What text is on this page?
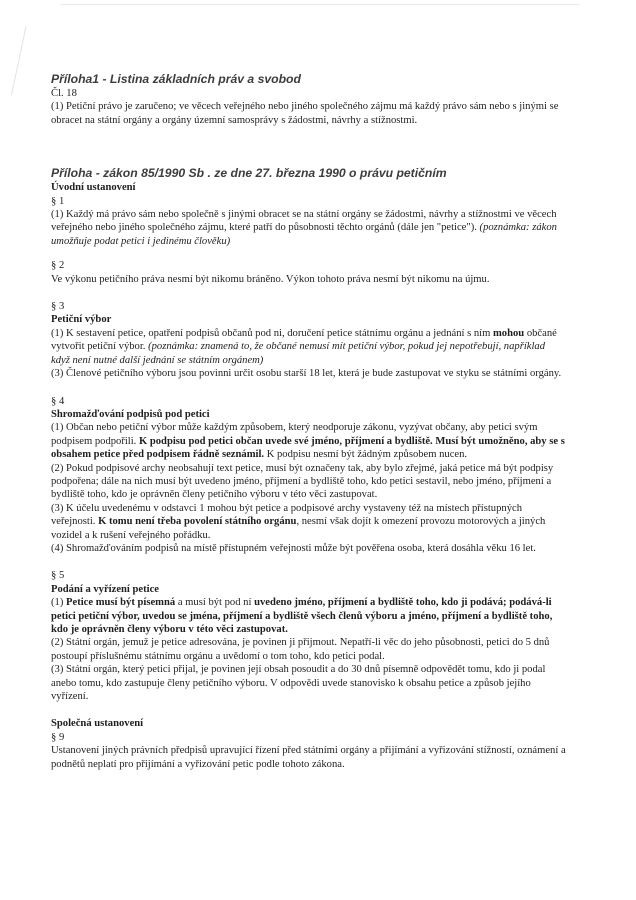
Příloha1 - Listina základních práv a svobod

Čl. 18

(1) Petiční právo je zaručeno; ve věcech veřejného nebo jiného společného zájmu má každý právo sám nebo s jinými se obracet na státní orgány a orgány územní samosprávy s žádostmi, návrhy a stížnostmi.

Příloha - zákon 85/1990 Sb . ze dne 27. března 1990 o právu petičním

Úvodní ustanovení

§ 1

(1) Každý má právo sám nebo společně s jinými obracet se na státní orgány se žádostmi, návrhy a stížnostmi ve věcech veřejného nebo jiného společného zájmu, které patří do působnosti těchto orgánů (dále jen "petice"). (poznámka: zákon umožňuje podat petici i jedinému člověku)

§ 2

Ve výkonu petičního práva nesmí být nikomu bráněno. Výkon tohoto práva nesmí být nikomu na újmu.

§ 3

Petiční výbor

(1) K sestavení petice, opatření podpisů občanů pod ni, doručení petice státnímu orgánu a jednání s ním mohou občané vytvořit petiční výbor. (poznámka: znamená to, že občané nemusí mít petiční výbor, pokud jej nepotřebují, například když není nutné další jednání se státním orgánem)

(3) Členové petičního výboru jsou povinni určit osobu starší 18 let, která je bude zastupovat ve styku se státními orgány.

§ 4

Shromažďování podpisů pod petici

(1) Občan nebo petiční výbor může každým způsobem, který neodporuje zákonu, vyzývat občany, aby petici svým podpisem podpořili. K podpisu pod petici občan uvede své jméno, příjmení a bydliště. Musí být umožněno, aby se s obsahem petice před podpisem řádně seznámil. K podpisu nesmí být žádným způsobem nucen.

(2) Pokud podpisové archy neobsahují text petice, musí být označeny tak, aby bylo zřejmé, jaká petice má být podpisy podpořena; dále na nich musí být uvedeno jméno, příjmení a bydliště toho, kdo petici sestavil, nebo jméno, příjmení a bydliště toho, kdo je oprávněn členy petičního výboru v této věci zastupovat.

(3) K účelu uvedenému v odstavci 1 mohou být petice a podpisové archy vystaveny též na místech přístupných veřejnosti. K tomu není třeba povolení státního orgánu, nesmí však dojít k omezení provozu motorových a jiných vozidel a k rušení veřejného pořádku.

(4) Shromažďováním podpisů na místě přístupném veřejnosti může být pověřena osoba, která dosáhla věku 16 let.

§ 5

Podání a vyřízení petice

(1) Petice musí být písemná a musí být pod ní uvedeno jméno, příjmení a bydliště toho, kdo ji podává; podává-li petici petiční výbor, uvedou se jména, příjmení a bydliště všech členů výboru a jméno, příjmení a bydliště toho, kdo je oprávněn členy výboru v této věci zastupovat.

(2) Státní orgán, jemuž je petice adresována, je povinen ji přijmout. Nepatří-li věc do jeho působnosti, petici do 5 dnů postoupí příslušnému státnímu orgánu a uvědomí o tom toho, kdo petici podal.

(3) Státní orgán, který petici přijal, je povinen její obsah posoudit a do 30 dnů písemně odpovědět tomu, kdo ji podal anebo tomu, kdo zastupuje členy petičního výboru. V odpovědi uvede stanovisko k obsahu petice a způsob jejího vyřízení.

Společná ustanovení

§ 9

Ustanovení jiných právních předpisů upravující řízení před státními orgány a přijímání a vyřizování stížností, oznámení a podnětů neplatí pro přijímání a vyřizování petic podle tohoto zákona.
